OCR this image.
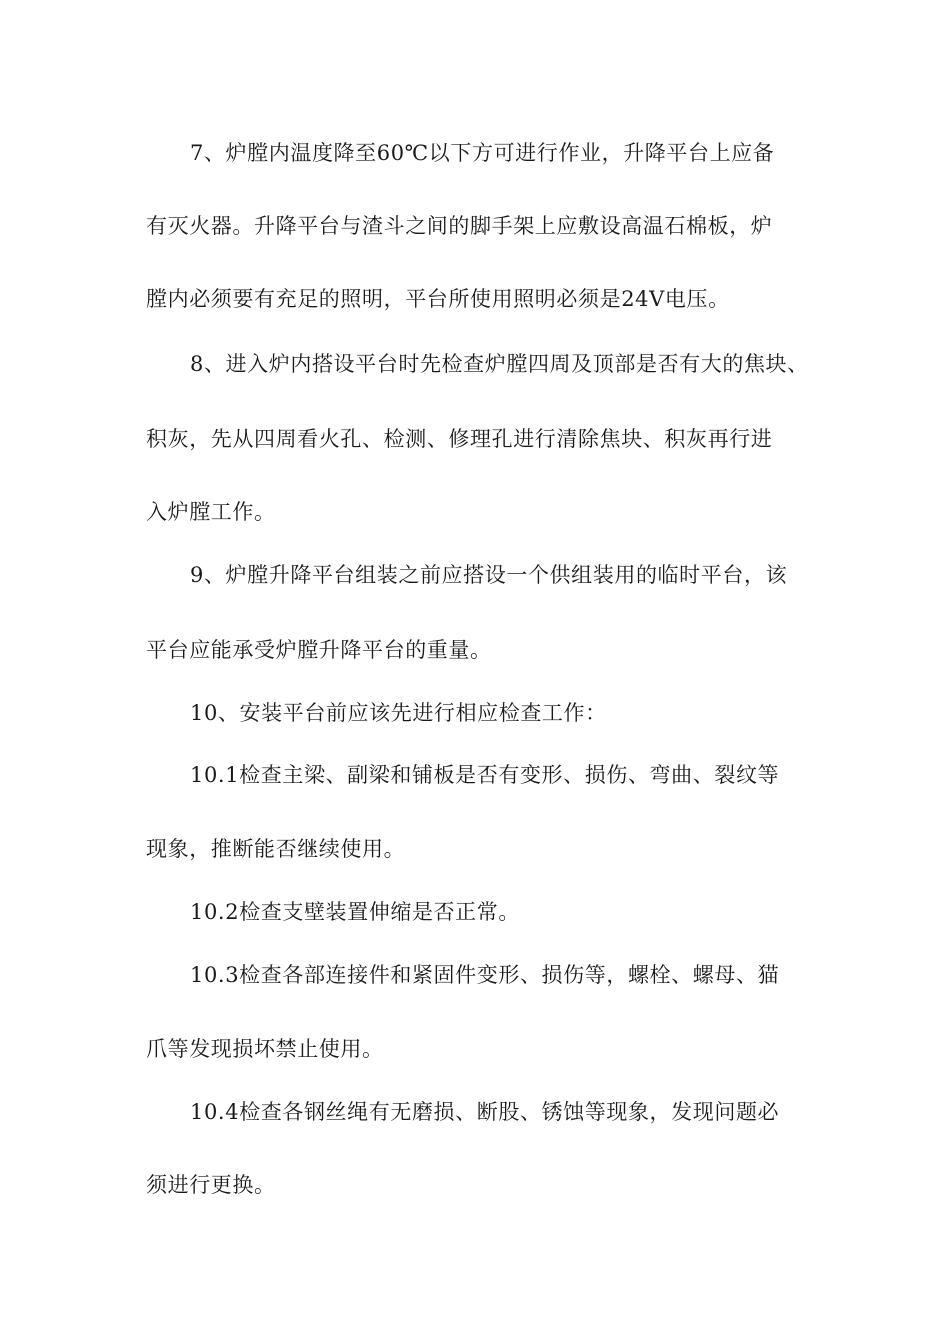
7、炉膛内温度降至60℃以下方可进行作业，升降平台上应备
有灭火器。升降平台与渣斗之间的脚手架上应敷设高温石棉板，炉
膛内必须要有充足的照明，平台所使用照明必须是24V电压。
8、进入炉内搭设平台时先检查炉膛四周及顶部是否有大的焦块、
积灰，先从四周看火孔、检测、修理孔进行清除焦块、积灰再行进
入炉膛工作。
9、炉膛升降平台组装之前应搭设一个供组装用的临时平台，该
平台应能承受炉膛升降平台的重量。
10、安装平台前应该先进行相应检查工作：
10.1检查主梁、副梁和铺板是否有变形、损伤、弯曲、裂纹等
现象，推断能否继续使用。
10.2检查支壁装置伸缩是否正常。
10.3检查各部连接件和紧固件变形、损伤等，螺栓、螺母、猫
爪等发现损坏禁止使用。
10.4检查各钢丝绳有无磨损、断股、锈蚀等现象，发现问题必
须进行更换。
